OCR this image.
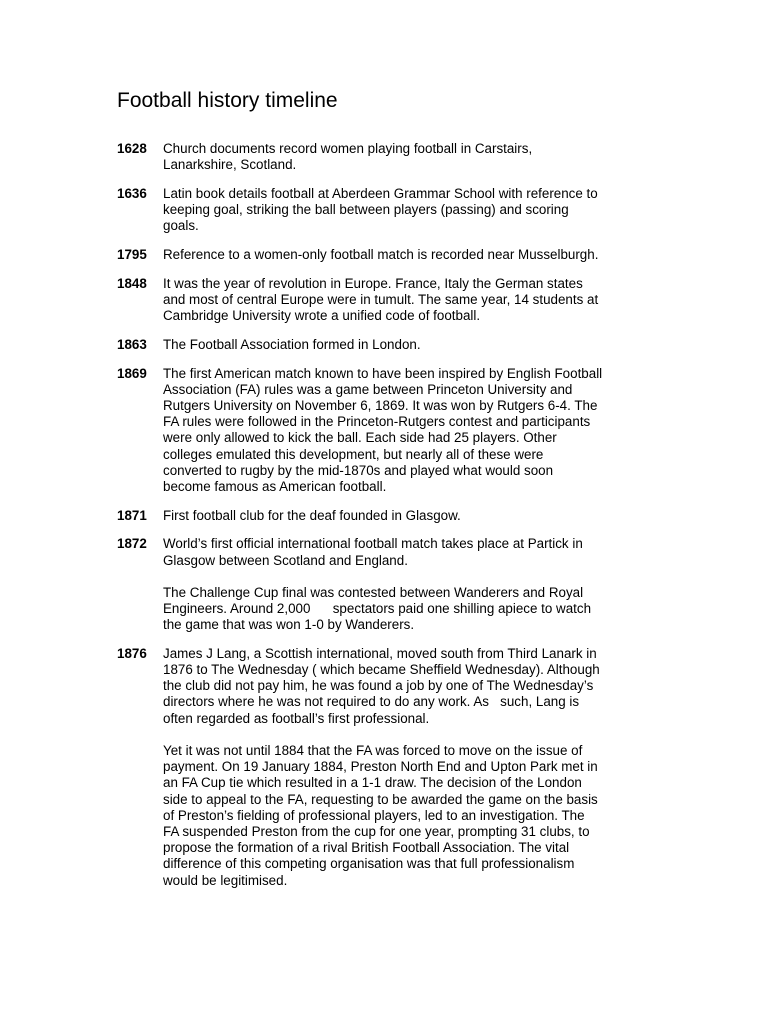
Football history timeline
1628	Church documents record women playing football in Carstairs,
Lanarkshire, Scotland.

1636	Latin book details football at Aberdeen Grammar School with reference to
keeping goal, striking the ball between players (passing) and scoring
goals.

1795	Reference to a women-only football match is recorded near Musselburgh.

1848	It was the year of revolution in Europe. France, Italy the German states
and most of central Europe were in tumult. The same year, 14 students at
Cambridge University wrote a unified code of football.

1863	The Football Association formed in London.

1869	The first American match known to have been inspired by English Football
Association (FA) rules was a game between Princeton University and
Rutgers University on November 6, 1869. It was won by Rutgers 6-4. The
FA rules were followed in the Princeton-Rutgers contest and participants
were only allowed to kick the ball. Each side had 25 players. Other
colleges emulated this development, but nearly all of these were
converted to rugby by the mid-1870s and played what would soon
become famous as American football.

1871	First football club for the deaf founded in Glasgow.

1872	World’s first official international football match takes place at Partick in
Glasgow between Scotland and England.

The Challenge Cup final was contested between Wanderers and Royal
Engineers. Around 2,000      spectators paid one shilling apiece to watch
the game that was won 1-0 by Wanderers.

1876	James J Lang, a Scottish international, moved south from Third Lanark in
1876 to The Wednesday ( which became Sheffield Wednesday). Although
the club did not pay him, he was found a job by one of The Wednesday’s
directors where he was not required to do any work. As   such, Lang is
often regarded as football’s first professional.

Yet it was not until 1884 that the FA was forced to move on the issue of
payment. On 19 January 1884, Preston North End and Upton Park met in
an FA Cup tie which resulted in a 1-1 draw. The decision of the London
side to appeal to the FA, requesting to be awarded the game on the basis
of Preston’s fielding of professional players, led to an investigation. The
FA suspended Preston from the cup for one year, prompting 31 clubs, to
propose the formation of a rival British Football Association. The vital
difference of this competing organisation was that full professionalism
would be legitimised.
